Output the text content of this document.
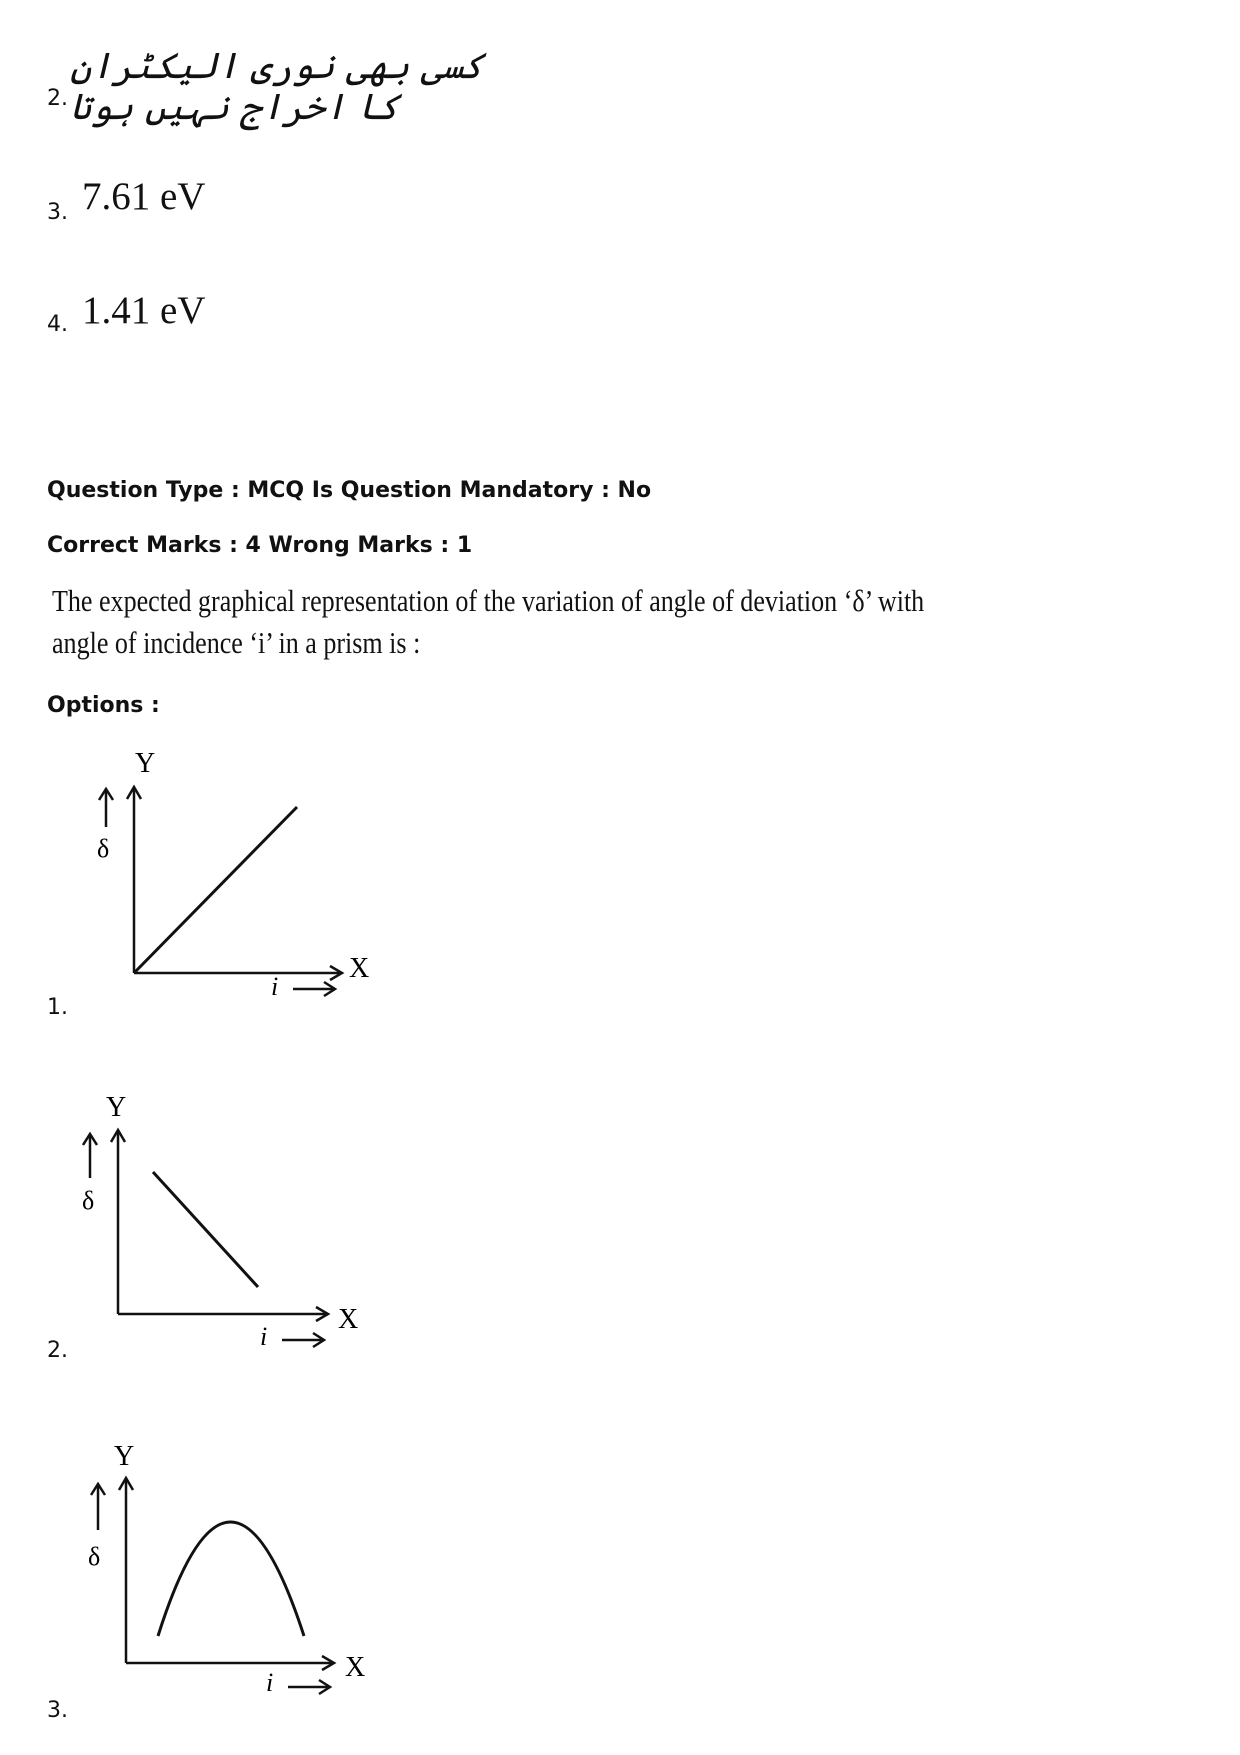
2.
کسی بھی نوری الیکٹران کا اخراج نہیں ہوتا
3. 7.61 eV
4. 1.41 eV
Question Type : MCQ Is Question Mandatory : No
Correct Marks : 4 Wrong Marks : 1
The expected graphical representation of the variation of angle of deviation ‘δ’ with angle of incidence ‘i’ in a prism is :
Options :
1.
Y
X
δ
i
2.
Y
X
δ
i
3.
Y
X
δ
i
